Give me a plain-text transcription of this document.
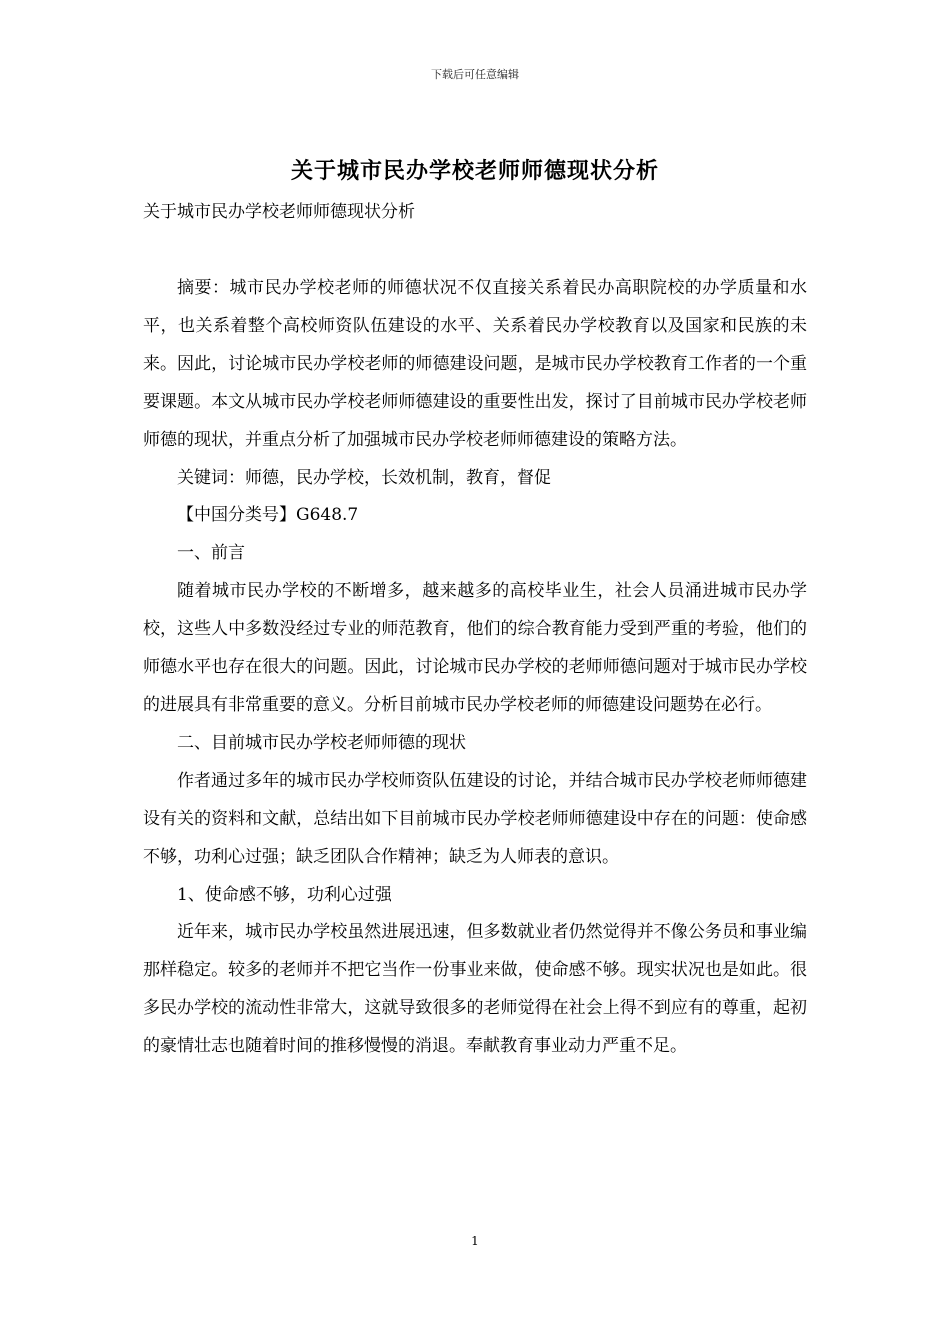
下载后可任意编辑
关于城市民办学校老师师德现状分析
关于城市民办学校老师师德现状分析

摘要：城市民办学校老师的师德状况不仅直接关系着民办高职院校的办学质量和水平，也关系着整个高校师资队伍建设的水平、关系着民办学校教育以及国家和民族的未来。因此，讨论城市民办学校老师的师德建设问题，是城市民办学校教育工作者的一个重要课题。本文从城市民办学校老师师德建设的重要性出发，探讨了目前城市民办学校老师师德的现状，并重点分析了加强城市民办学校老师师德建设的策略方法。

关键词：师德，民办学校，长效机制，教育，督促

【中国分类号】G648.7

一、前言

随着城市民办学校的不断增多，越来越多的高校毕业生，社会人员涌进城市民办学校，这些人中多数没经过专业的师范教育，他们的综合教育能力受到严重的考验，他们的师德水平也存在很大的问题。因此，讨论城市民办学校的老师师德问题对于城市民办学校的进展具有非常重要的意义。分析目前城市民办学校老师的师德建设问题势在必行。

二、目前城市民办学校老师师德的现状

作者通过多年的城市民办学校师资队伍建设的讨论，并结合城市民办学校老师师德建设有关的资料和文献，总结出如下目前城市民办学校老师师德建设中存在的问题：使命感不够，功利心过强；缺乏团队合作精神；缺乏为人师表的意识。

1、使命感不够，功利心过强

近年来，城市民办学校虽然进展迅速，但多数就业者仍然觉得并不像公务员和事业编那样稳定。较多的老师并不把它当作一份事业来做，使命感不够。现实状况也是如此。很多民办学校的流动性非常大，这就导致很多的老师觉得在社会上得不到应有的尊重，起初的豪情壮志也随着时间的推移慢慢的消退。奉献教育事业动力严重不足。

1
